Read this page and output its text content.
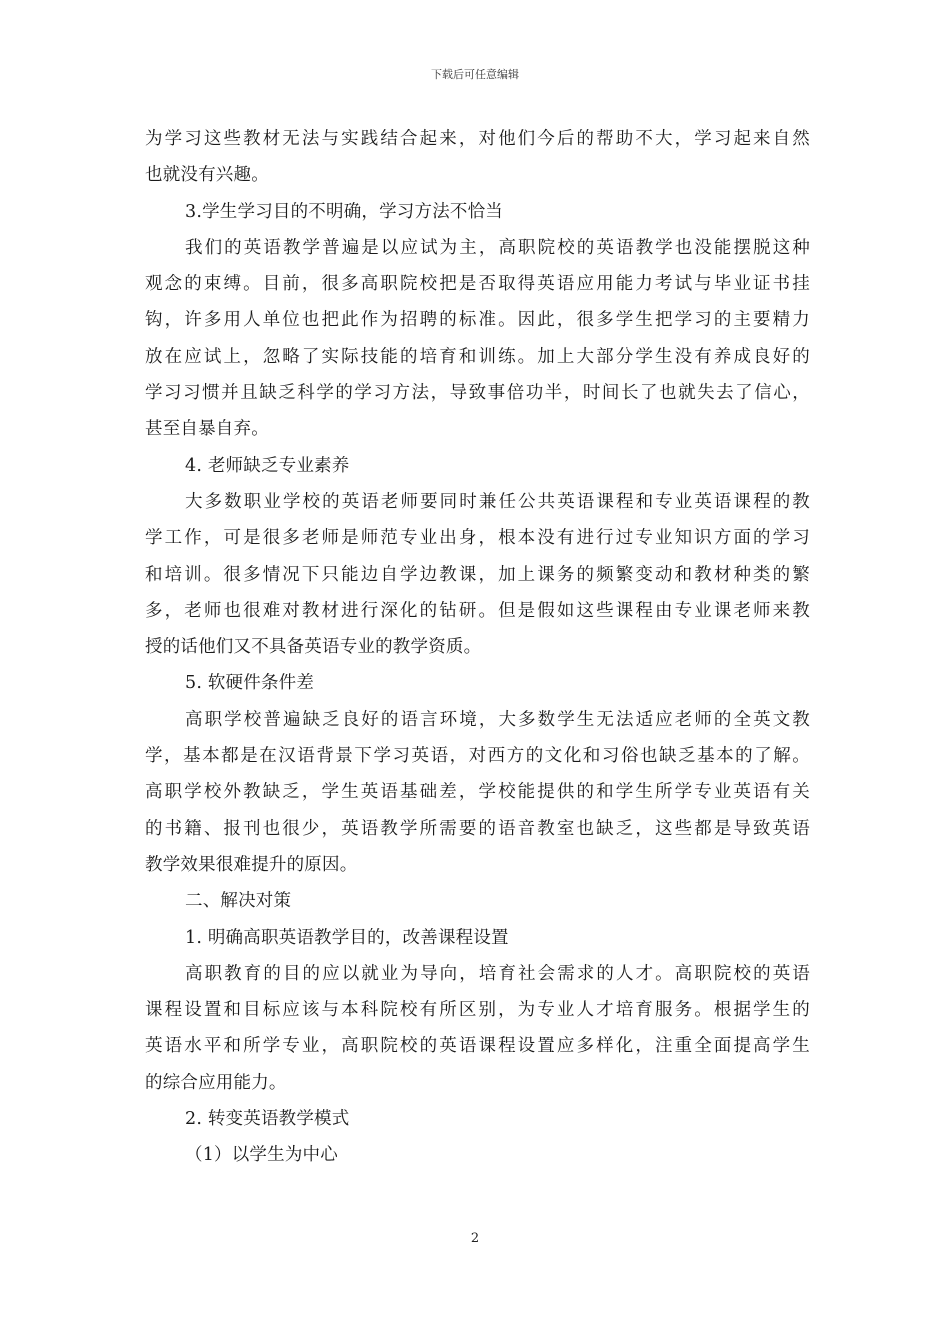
下载后可任意编辑
为学习这些教材无法与实践结合起来，对他们今后的帮助不大，学习起来自然
也就没有兴趣。
3.学生学习目的不明确，学习方法不恰当
我们的英语教学普遍是以应试为主，高职院校的英语教学也没能摆脱这种
观念的束缚。目前，很多高职院校把是否取得英语应用能力考试与毕业证书挂
钩，许多用人单位也把此作为招聘的标准。因此，很多学生把学习的主要精力
放在应试上，忽略了实际技能的培育和训练。加上大部分学生没有养成良好的
学习习惯并且缺乏科学的学习方法，导致事倍功半，时间长了也就失去了信心，
甚至自暴自弃。
4. 老师缺乏专业素养
大多数职业学校的英语老师要同时兼任公共英语课程和专业英语课程的教
学工作，可是很多老师是师范专业出身，根本没有进行过专业知识方面的学习
和培训。很多情况下只能边自学边教课，加上课务的频繁变动和教材种类的繁
多，老师也很难对教材进行深化的钻研。但是假如这些课程由专业课老师来教
授的话他们又不具备英语专业的教学资质。
5. 软硬件条件差
高职学校普遍缺乏良好的语言环境，大多数学生无法适应老师的全英文教
学，基本都是在汉语背景下学习英语，对西方的文化和习俗也缺乏基本的了解。
高职学校外教缺乏，学生英语基础差，学校能提供的和学生所学专业英语有关
的书籍、报刊也很少，英语教学所需要的语音教室也缺乏，这些都是导致英语
教学效果很难提升的原因。
二、解决对策
1. 明确高职英语教学目的，改善课程设置
高职教育的目的应以就业为导向，培育社会需求的人才。高职院校的英语
课程设置和目标应该与本科院校有所区别，为专业人才培育服务。根据学生的
英语水平和所学专业，高职院校的英语课程设置应多样化，注重全面提高学生
的综合应用能力。
2. 转变英语教学模式
（1）以学生为中心
2
